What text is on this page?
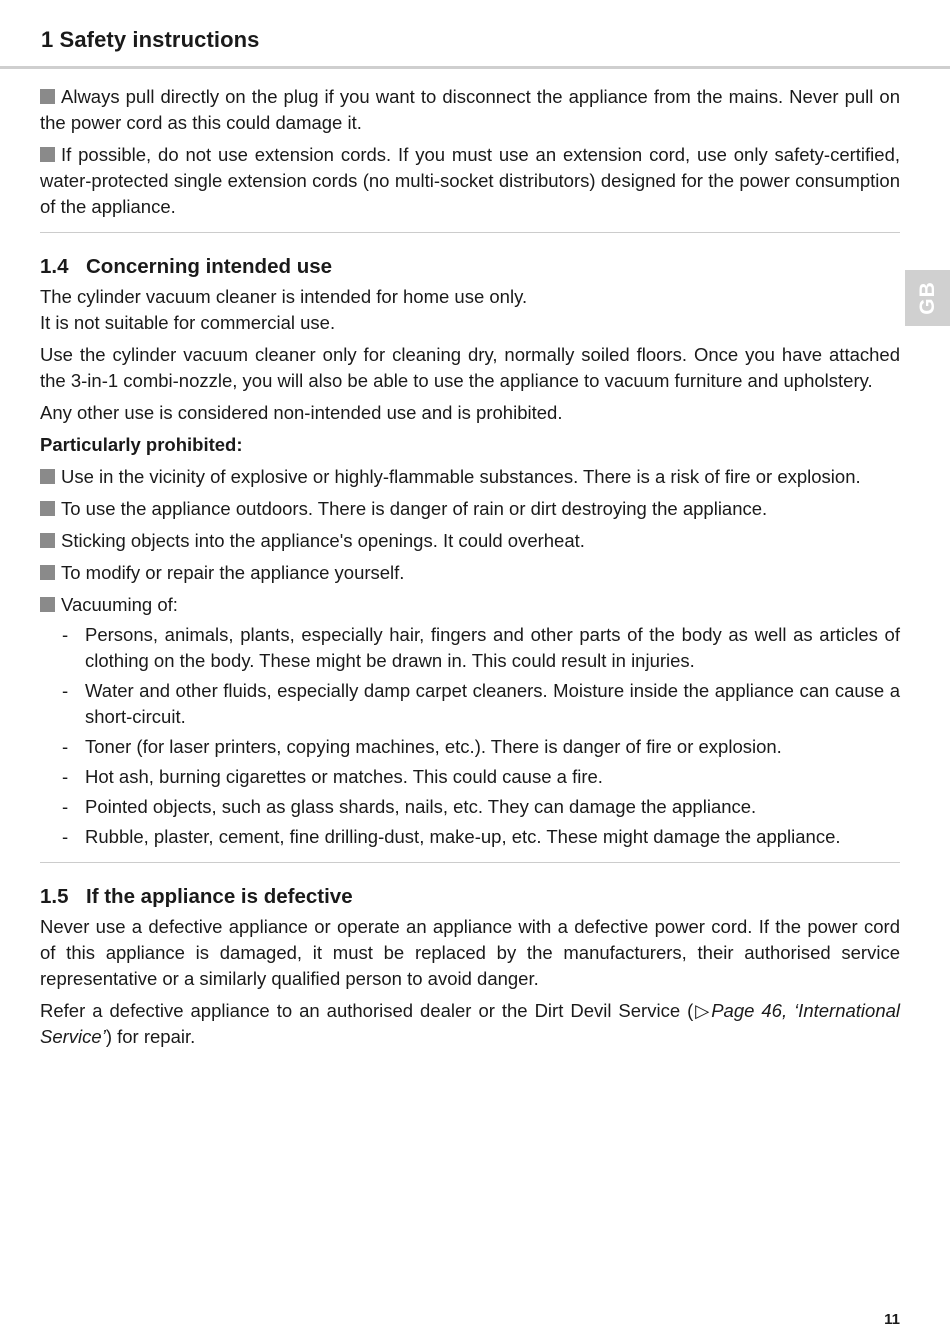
1 Safety instructions
GB

Always pull directly on the plug if you want to disconnect the appliance from the mains. Never pull on the power cord as this could damage it.

If possible, do not use extension cords. If you must use an extension cord, use only safety-certified, water-protected single extension cords (no multi-socket distributors) designed for the power consumption of the appliance.

1.4 Concerning intended use

The cylinder vacuum cleaner is intended for home use only.
It is not suitable for commercial use.

Use the cylinder vacuum cleaner only for cleaning dry, normally soiled floors. Once you have attached the 3-in-1 combi-nozzle, you will also be able to use the appliance to vacuum furniture and upholstery.

Any other use is considered non-intended use and is prohibited.

Particularly prohibited:

Use in the vicinity of explosive or highly-flammable substances. There is a risk of fire or explosion.

To use the appliance outdoors. There is danger of rain or dirt destroying the appliance.

Sticking objects into the appliance's openings. It could overheat.

To modify or repair the appliance yourself.

Vacuuming of:

- Persons, animals, plants, especially hair, fingers and other parts of the body as well as articles of clothing on the body. These might be drawn in. This could result in injuries.
- Water and other fluids, especially damp carpet cleaners. Moisture inside the appliance can cause a short-circuit.
- Toner (for laser printers, copying machines, etc.). There is danger of fire or explosion.
- Hot ash, burning cigarettes or matches. This could cause a fire.
- Pointed objects, such as glass shards, nails, etc. They can damage the appliance.
- Rubble, plaster, cement, fine drilling-dust, make-up, etc. These might damage the appliance.
1.5 If the appliance is defective

Never use a defective appliance or operate an appliance with a defective power cord. If the power cord of this appliance is damaged, it must be replaced by the manufacturers, their authorised service representative or a similarly qualified person to avoid danger.

Refer a defective appliance to an authorised dealer or the Dirt Devil Service (▷Page 46, ‘International Service’) for repair.

11
